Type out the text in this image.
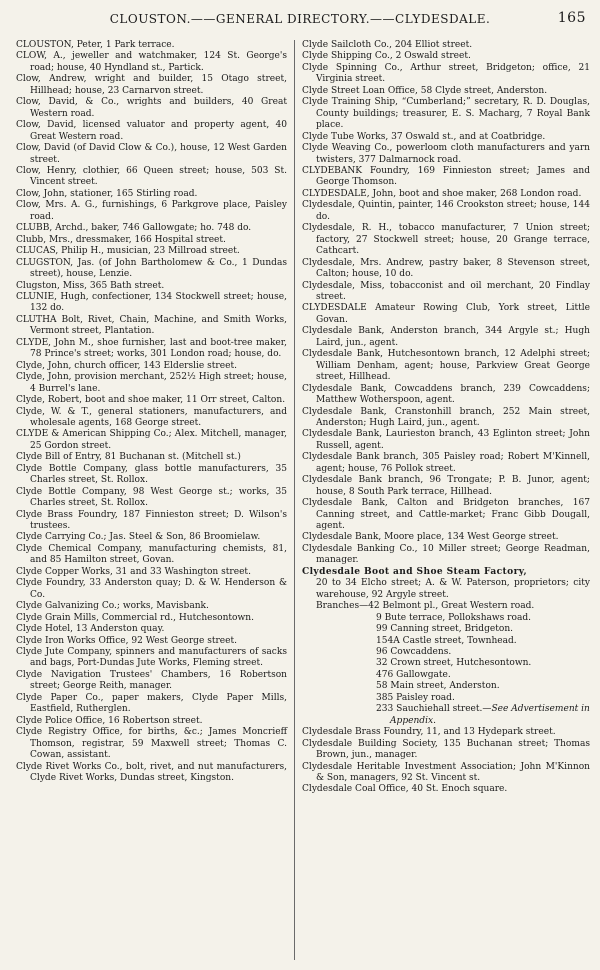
CLOUSTON.——GENERAL DIRECTORY.——CLYDESDALE.	165

CLOUSTON, Peter, 1 Park terrace.

CLOW, A., jeweller and watchmaker, 124 St. George's road; house, 40 Hyndland st., Partick.

Clow, Andrew, wright and builder, 15 Otago street, Hillhead; house, 23 Carnarvon street.

Clow, David, & Co., wrights and builders, 40 Great Western road.

Clow, David, licensed valuator and property agent, 40 Great Western road.

Clow, David (of David Clow & Co.), house, 12 West Garden street.

Clow, Henry, clothier, 66 Queen street; house, 503 St. Vincent street.

Clow, John, stationer, 165 Stirling road.

Clow, Mrs. A. G., furnishings, 6 Parkgrove place, Paisley road.

CLUBB, Archd., baker, 746 Gallowgate; ho. 748 do.

Clubb, Mrs., dressmaker, 166 Hospital street.

CLUCAS, Philip H., musician, 23 Millroad street.

CLUGSTON, Jas. (of John Bartholomew & Co., 1 Dundas street), house, Lenzie.

Clugston, Miss, 365 Bath street.

CLUNIE, Hugh, confectioner, 134 Stockwell street; house, 132 do.

CLUTHA Bolt, Rivet, Chain, Machine, and Smith Works, Vermont street, Plantation.

CLYDE, John M., shoe furnisher, last and boot-tree maker, 78 Prince's street; works, 301 London road; house, do.

Clyde, John, church officer, 143 Elderslie street.

Clyde, John, provision merchant, 252½ High street; house, 4 Burrel's lane.

Clyde, Robert, boot and shoe maker, 11 Orr street, Calton.

Clyde, W. & T., general stationers, manufacturers, and wholesale agents, 168 George street.

CLYDE & American Shipping Co.; Alex. Mitchell, manager, 25 Gordon street.

Clyde Bill of Entry, 81 Buchanan st. (Mitchell st.)

Clyde Bottle Company, glass bottle manufacturers, 35 Charles street, St. Rollox.

Clyde Bottle Company, 98 West George st.; works, 35 Charles street, St. Rollox.

Clyde Brass Foundry, 187 Finnieston street; D. Wilson's trustees.

Clyde Carrying Co.; Jas. Steel & Son, 86 Broomielaw.

Clyde Chemical Company, manufacturing chemists, 81, and 85 Hamilton street, Govan.

Clyde Copper Works, 31 and 33 Washington street.

Clyde Foundry, 33 Anderston quay; D. & W. Henderson & Co.

Clyde Galvanizing Co.; works, Mavisbank.

Clyde Grain Mills, Commercial rd., Hutchesontown.

Clyde Hotel, 13 Anderston quay.

Clyde Iron Works Office, 92 West George street.

Clyde Jute Company, spinners and manufacturers of sacks and bags, Port-Dundas Jute Works, Fleming street.

Clyde Navigation Trustees' Chambers, 16 Robertson street; George Reith, manager.

Clyde Paper Co., paper makers, Clyde Paper Mills, Eastfield, Rutherglen.

Clyde Police Office, 16 Robertson street.

Clyde Registry Office, for births, &c.; James Moncrieff Thomson, registrar, 59 Maxwell street; Thomas C. Cowan, assistant.

Clyde Rivet Works Co., bolt, rivet, and nut manufacturers, Clyde Rivet Works, Dundas street, Kingston.

Clyde Sailcloth Co., 204 Elliot street.

Clyde Shipping Co., 2 Oswald street.

Clyde Spinning Co., Arthur street, Bridgeton; office, 21 Virginia street.

Clyde Street Loan Office, 58 Clyde street, Anderston.

Clyde Training Ship, “Cumberland;” secretary, R. D. Douglas, County buildings; treasurer, E. S. Macharg, 7 Royal Bank place.

Clyde Tube Works, 37 Oswald st., and at Coatbridge.

Clyde Weaving Co., powerloom cloth manufacturers and yarn twisters, 377 Dalmarnock road.

CLYDEBANK Foundry, 169 Finnieston street; James and George Thomson.

CLYDESDALE, John, boot and shoe maker, 268 London road.

Clydesdale, Quintin, painter, 146 Crookston street; house, 144 do.

Clydesdale, R. H., tobacco manufacturer, 7 Union street; factory, 27 Stockwell street; house, 20 Grange terrace, Cathcart.

Clydesdale, Mrs. Andrew, pastry baker, 8 Stevenson street, Calton; house, 10 do.

Clydesdale, Miss, tobacconist and oil merchant, 20 Findlay street.

CLYDESDALE Amateur Rowing Club, York street, Little Govan.

Clydesdale Bank, Anderston branch, 344 Argyle st.; Hugh Laird, jun., agent.

Clydesdale Bank, Hutchesontown branch, 12 Adelphi street; William Denham, agent; house, Parkview Great George street, Hillhead.

Clydesdale Bank, Cowcaddens branch, 239 Cowcaddens; Matthew Wotherspoon, agent.

Clydesdale Bank, Cranstonhill branch, 252 Main street, Anderston; Hugh Laird, jun., agent.

Clydesdale Bank, Laurieston branch, 43 Eglinton street; John Russell, agent.

Clydesdale Bank branch, 305 Paisley road; Robert M'Kinnell, agent; house, 76 Pollok street.

Clydesdale Bank branch, 96 Trongate; P. B. Junor, agent; house, 8 South Park terrace, Hillhead.

Clydesdale Bank, Calton and Bridgeton branches, 167 Canning street, and Cattle-market; Franc Gibb Dougall, agent.

Clydesdale Bank, Moore place, 134 West George street.

Clydesdale Banking Co., 10 Miller street; George Readman, manager.

Clydesdale Boot and Shoe Steam Factory,

20 to 34 Elcho street; A. & W. Paterson, proprietors; city warehouse, 92 Argyle street.

Branches—42 Belmont pl., Great Western road.

9 Bute terrace, Pollokshaws road.

99 Canning street, Bridgeton.

154A Castle street, Townhead.

96 Cowcaddens.

32 Crown street, Hutchesontown.

476 Gallowgate.

58 Main street, Anderston.

385 Paisley road.

233 Sauchiehall street.—See Advertisement in Appendix.

Clydesdale Brass Foundry, 11, and 13 Hydepark street.

Clydesdale Building Society, 135 Buchanan street; Thomas Brown, jun., manager.

Clydesdale Heritable Investment Association; John M'Kinnon & Son, managers, 92 St. Vincent st.

Clydesdale Coal Office, 40 St. Enoch square.
